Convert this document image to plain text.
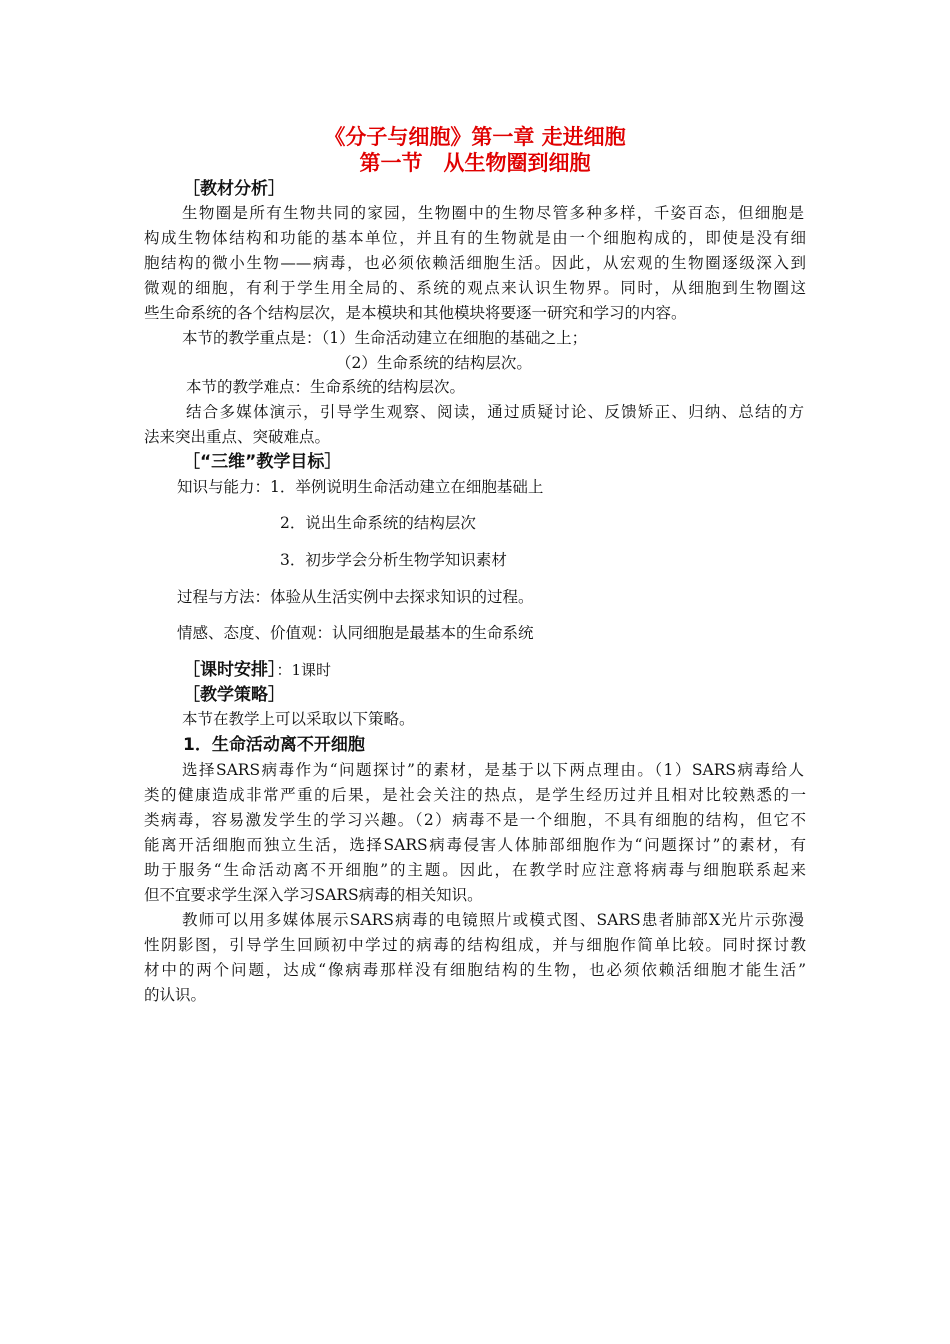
《分子与细胞》第一章 走进细胞
第一节　从生物圈到细胞
［教材分析］
生物圈是所有生物共同的家园，生物圈中的生物尽管多种多样，千姿百态，但细胞是
构成生物体结构和功能的基本单位，并且有的生物就是由一个细胞构成的，即使是没有细
胞结构的微小生物——病毒，也必须依赖活细胞生活。因此，从宏观的生物圈逐级深入到
微观的细胞，有利于学生用全局的、系统的观点来认识生物界。同时，从细胞到生物圈这
些生命系统的各个结构层次，是本模块和其他模块将要逐一研究和学习的内容。
本节的教学重点是：（1）生命活动建立在细胞的基础之上；
（2）生命系统的结构层次。
本节的教学难点：生命系统的结构层次。
结合多媒体演示，引导学生观察、阅读，通过质疑讨论、反馈矫正、归纳、总结的方
法来突出重点、突破难点。
［“三维”教学目标］
知识与能力：1．举例说明生命活动建立在细胞基础上
2．说出生命系统的结构层次
3．初步学会分析生物学知识素材
过程与方法：体验从生活实例中去探求知识的过程。
情感、态度、价值观：认同细胞是最基本的生命系统
［课时安排］：1课时
［教学策略］
本节在教学上可以采取以下策略。
1．生命活动离不开细胞
选择SARS病毒作为“问题探讨”的素材，是基于以下两点理由。（1）SARS病毒给人
类的健康造成非常严重的后果，是社会关注的热点，是学生经历过并且相对比较熟悉的一
类病毒，容易激发学生的学习兴趣。（2）病毒不是一个细胞，不具有细胞的结构，但它不
能离开活细胞而独立生活，选择SARS病毒侵害人体肺部细胞作为“问题探讨”的素材，有
助于服务“生命活动离不开细胞”的主题。因此，在教学时应注意将病毒与细胞联系起来
但不宜要求学生深入学习SARS病毒的相关知识。
教师可以用多媒体展示SARS病毒的电镜照片或模式图、SARS患者肺部X光片示弥漫
性阴影图，引导学生回顾初中学过的病毒的结构组成，并与细胞作简单比较。同时探讨教
材中的两个问题，达成“像病毒那样没有细胞结构的生物，也必须依赖活细胞才能生活”
的认识。
